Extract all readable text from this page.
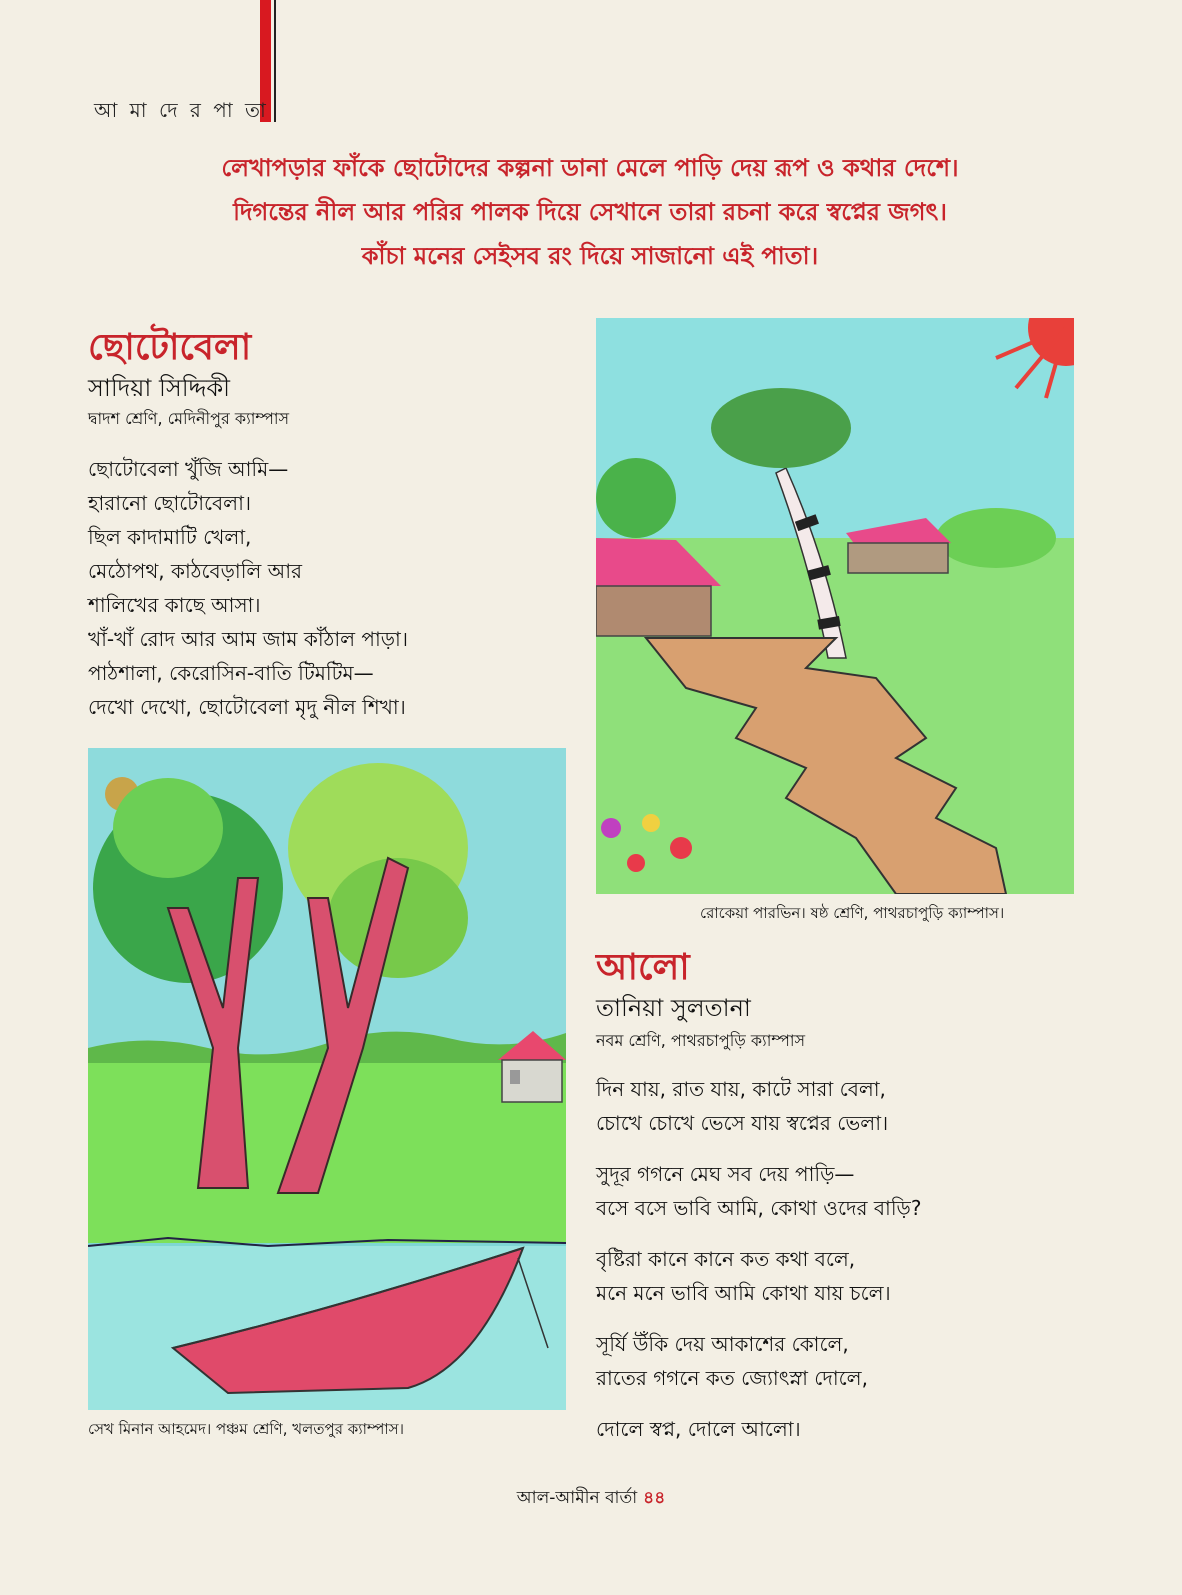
আ মা দে র পা তা
লেখাপড়ার ফাঁকে ছোটোদের কল্পনা ডানা মেলে পাড়ি দেয় রূপ ও কথার দেশে।
দিগন্তের নীল আর পরির পালক দিয়ে সেখানে তারা রচনা করে স্বপ্নের জগৎ।
কাঁচা মনের সেইসব রং দিয়ে সাজানো এই পাতা।
ছোটোবেলা
সাদিয়া সিদ্দিকী
দ্বাদশ শ্রেণি, মেদিনীপুর ক্যাম্পাস
ছোটোবেলা খুঁজি আমি—
হারানো ছোটোবেলা।
ছিল কাদামাটি খেলা,
মেঠোপথ, কাঠবেড়ালি আর
শালিখের কাছে আসা।
খাঁ-খাঁ রোদ আর আম জাম কাঁঠাল পাড়া।
পাঠশালা, কেরোসিন-বাতি টিমটিম—
দেখো দেখো, ছোটোবেলা মৃদু নীল শিখা।
সেখ মিনান আহমেদ। পঞ্চম শ্রেণি, খলতপুর ক্যাম্পাস।
রোকেয়া পারভিন। ষষ্ঠ শ্রেণি, পাথরচাপুড়ি ক্যাম্পাস।
আলো
তানিয়া সুলতানা
নবম শ্রেণি, পাথরচাপুড়ি ক্যাম্পাস
দিন যায়, রাত যায়, কাটে সারা বেলা,
চোখে চোখে ভেসে যায় স্বপ্নের ভেলা।
সুদূর গগনে মেঘ সব দেয় পাড়ি—
বসে বসে ভাবি আমি, কোথা ওদের বাড়ি?
বৃষ্টিরা কানে কানে কত কথা বলে,
মনে মনে ভাবি আমি কোথা যায় চলে।
সূর্যি উঁকি দেয় আকাশের কোলে,
রাতের গগনে কত জ্যোৎস্না দোলে,
দোলে স্বপ্ন, দোলে আলো।
আল-আমীন বার্তা ৪৪
